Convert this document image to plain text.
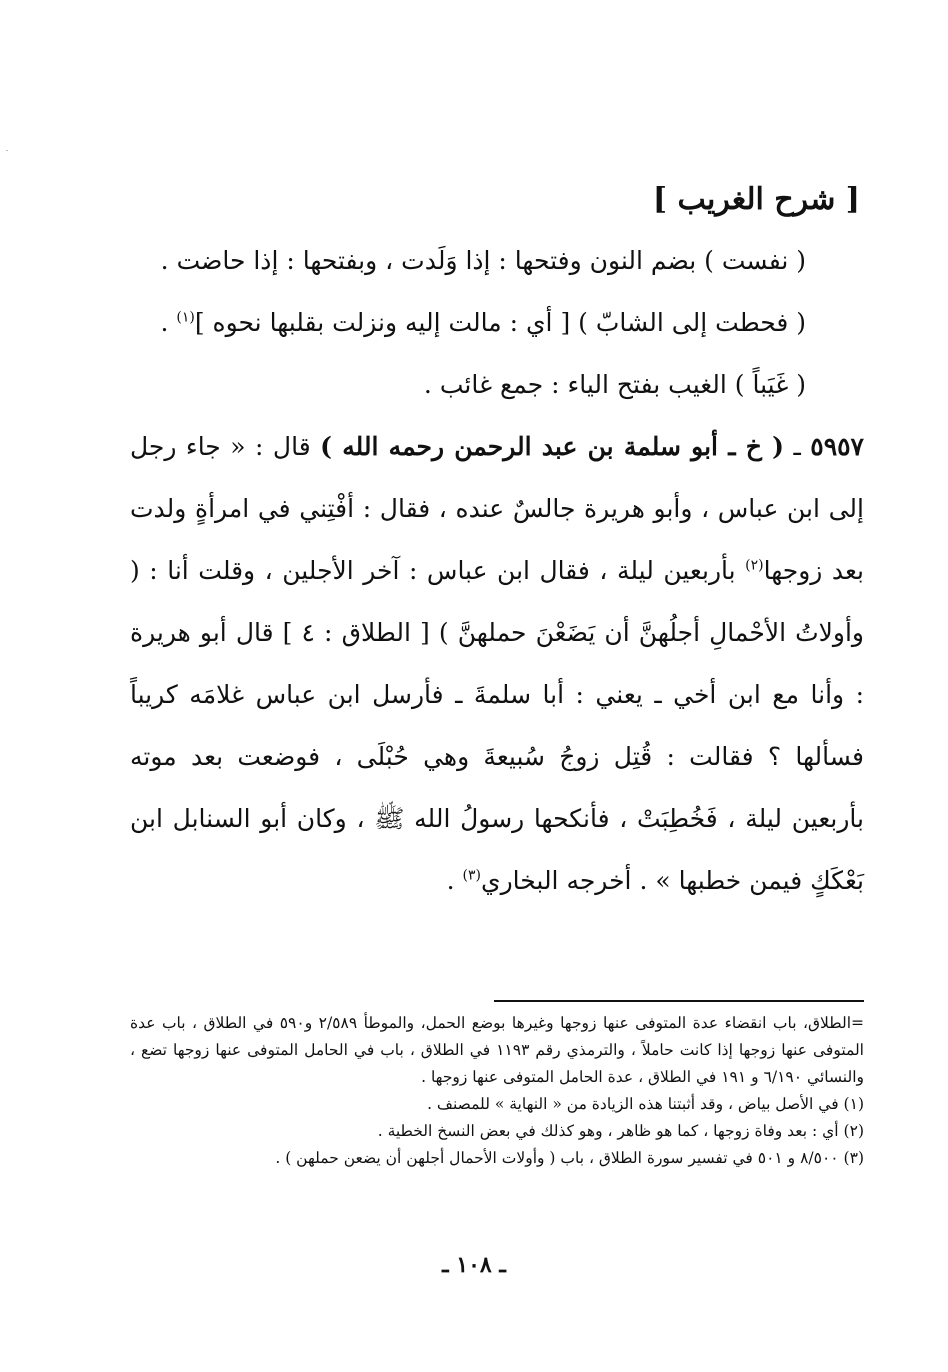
[ شرح الغريب ]

( نفست ) بضم النون وفتحها : إذا وَلَدت ، وبفتحها : إذا حاضت .

( فحطت إلى الشابّ ) [ أي : مالت إليه ونزلت بقلبها نحوه ]$^{(١)}$ .

( غَيَباً ) الغيب بفتح الياء : جمع غائب .

٥٩٥٧ ـ ( خ ـ أبو سلمة بن عبد الرحمن رحمه الله ) قال : « جاء رجل إلى ابن عباس ، وأبو هريرة جالسٌ عنده ، فقال : أفْتِني في امرأةٍ ولدت بعد زوجها$^{(٢)}$ بأربعين ليلة ، فقال ابن عباس : آخر الأجلين ، وقلت أنا : ( وأولاتُ الأحْمالِ أجلُهنَّ أن يَضَعْنَ حملهنَّ ) [ الطلاق : ٤ ] قال أبو هريرة : وأنا مع ابن أخي ـ يعني : أبا سلمةَ ـ فأرسل ابن عباس غلامَه كريباً فسألها ؟ فقالت : قُتِل زوجُ سُبيعةَ وهي حُبْلَى ، فوضعت بعد موته بأربعين ليلة ، فَخُطِبَتْ ، فأنكحها رسولُ الله ﷺ ، وكان أبو السنابل ابن بَعْكَكٍ فيمن خطبها » . أخرجه البخاري$^{(٣)}$ .

=الطلاق، باب انقضاء عدة المتوفى عنها زوجها وغيرها بوضع الحمل، والموطأ ٢/٥٨٩ و٥٩٠ في الطلاق ، باب عدة المتوفى عنها زوجها إذا كانت حاملاً ، والترمذي رقم ١١٩٣ في الطلاق ، باب في الحامل المتوفى عنها زوجها تضع ، والنسائي ٦/١٩٠ و ١٩١ في الطلاق ، عدة الحامل المتوفى عنها زوجها .

(١) في الأصل بياض ، وقد أثبتنا هذه الزيادة من « النهاية » للمصنف .

(٢) أي : بعد وفاة زوجها ، كما هو ظاهر ، وهو كذلك في بعض النسخ الخطية .

(٣) ٨/٥٠٠ و ٥٠١ في تفسير سورة الطلاق ، باب ( وأولات الأحمال أجلهن أن يضعن حملهن ) .

ـ ١٠٨ ـ
